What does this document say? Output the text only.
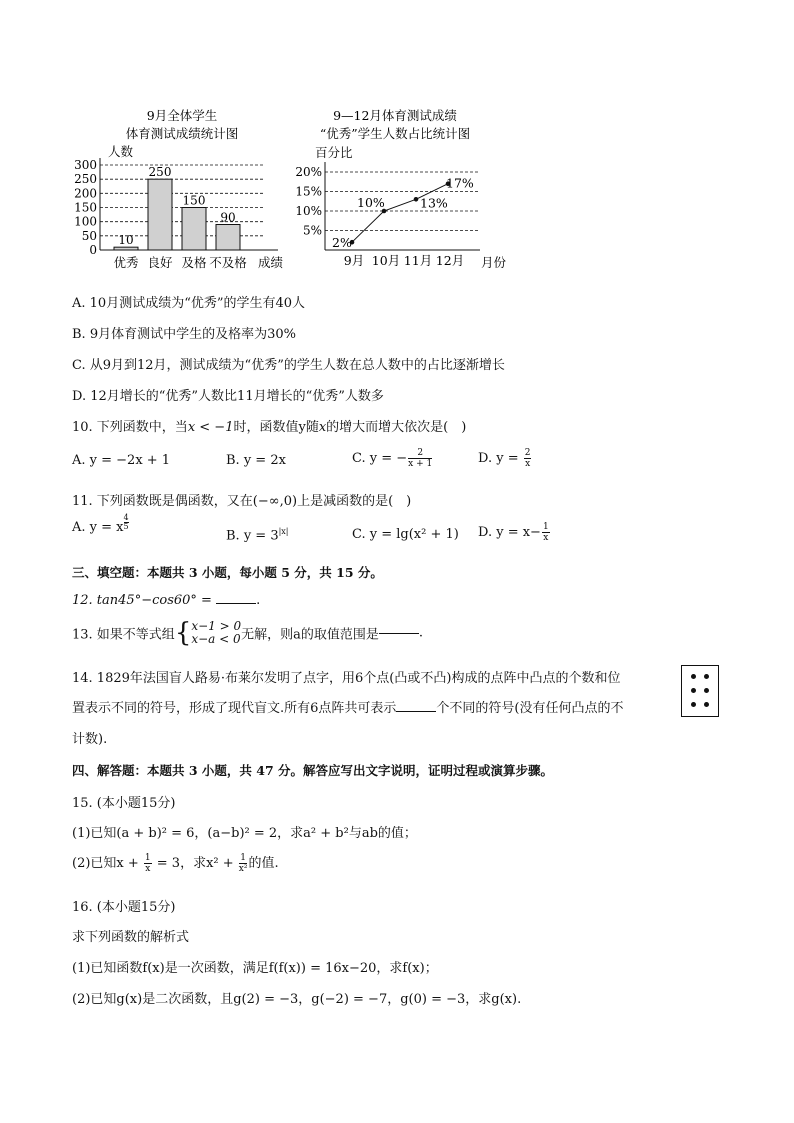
9月全体学生
体育测试成绩统计图
人数
成绩
0
50
100
150
200
250
300
优秀 良好 及格 不及格
10
250
150
90
9—12月体育测试成绩
“优秀”学生人数占比统计图
百分比
月份
5%
10%
15%
20%
9月 10月 11月 12月
2%
10%	13%
17%
A. 10月测试成绩为“优秀”的学生有40人
B. 9月体育测试中学生的及格率为30%
C. 从9月到12月，测试成绩为“优秀”的学生人数在总人数中的占比逐渐增长
D. 12月增长的“优秀”人数比11月增长的“优秀”人数多
10. 下列函数中，当x < −1时，函数值y随x的增大而增大依次是(　)
A. y = −2x + 1	B. y = 2x	C. y = − $\frac{2}{x + 1}$	D. $y = \frac{2}{x}$
11. 下列函数既是偶函数，又在(−∞,0)上是减函数的是(　)
A. y = x $\frac{4}{5}$
B. $y = 3^{|x|}$	C. y = lg(x² + 1) D. $y = x- \frac{1}{x}$
三、填空题：本题共 3 小题，每小题 5 分，共 15 分。
12. tan45°−cos60° =	.
13. 如果不等式组{ x−1 > 0
x−a < 0 无解，则a的取值范围是	.
14. 1829年法国盲人路易·布莱尔发明了点字，用6个点(凸或不凸)构成的点阵中凸点的个数和位
置表示不同的符号，形成了现代盲文.所有6点阵共可表示	个不同的符号(没有任何凸点的不
计数).
四、解答题：本题共 3 小题，共 47 分。解答应写出文字说明，证明过程或演算步骤。
15. (本小题15分)
(1)已知(a + b)² = 6，(a−b)² = 2，求a² + b²与ab的值；
(2)已知$x + \frac{1}{x} = 3$，求$x^2 + \frac{1}{\text{x²}}$ 的值.
16. (本小题15分)
求下列函数的解析式
(1)已知函数f(x)是一次函数，满足f(f(x)) = 16x−20，求f(x)；
(2)已知g(x)是二次函数，且g(2) = −3，g(−2) = −7，g(0) = −3，求g(x).
